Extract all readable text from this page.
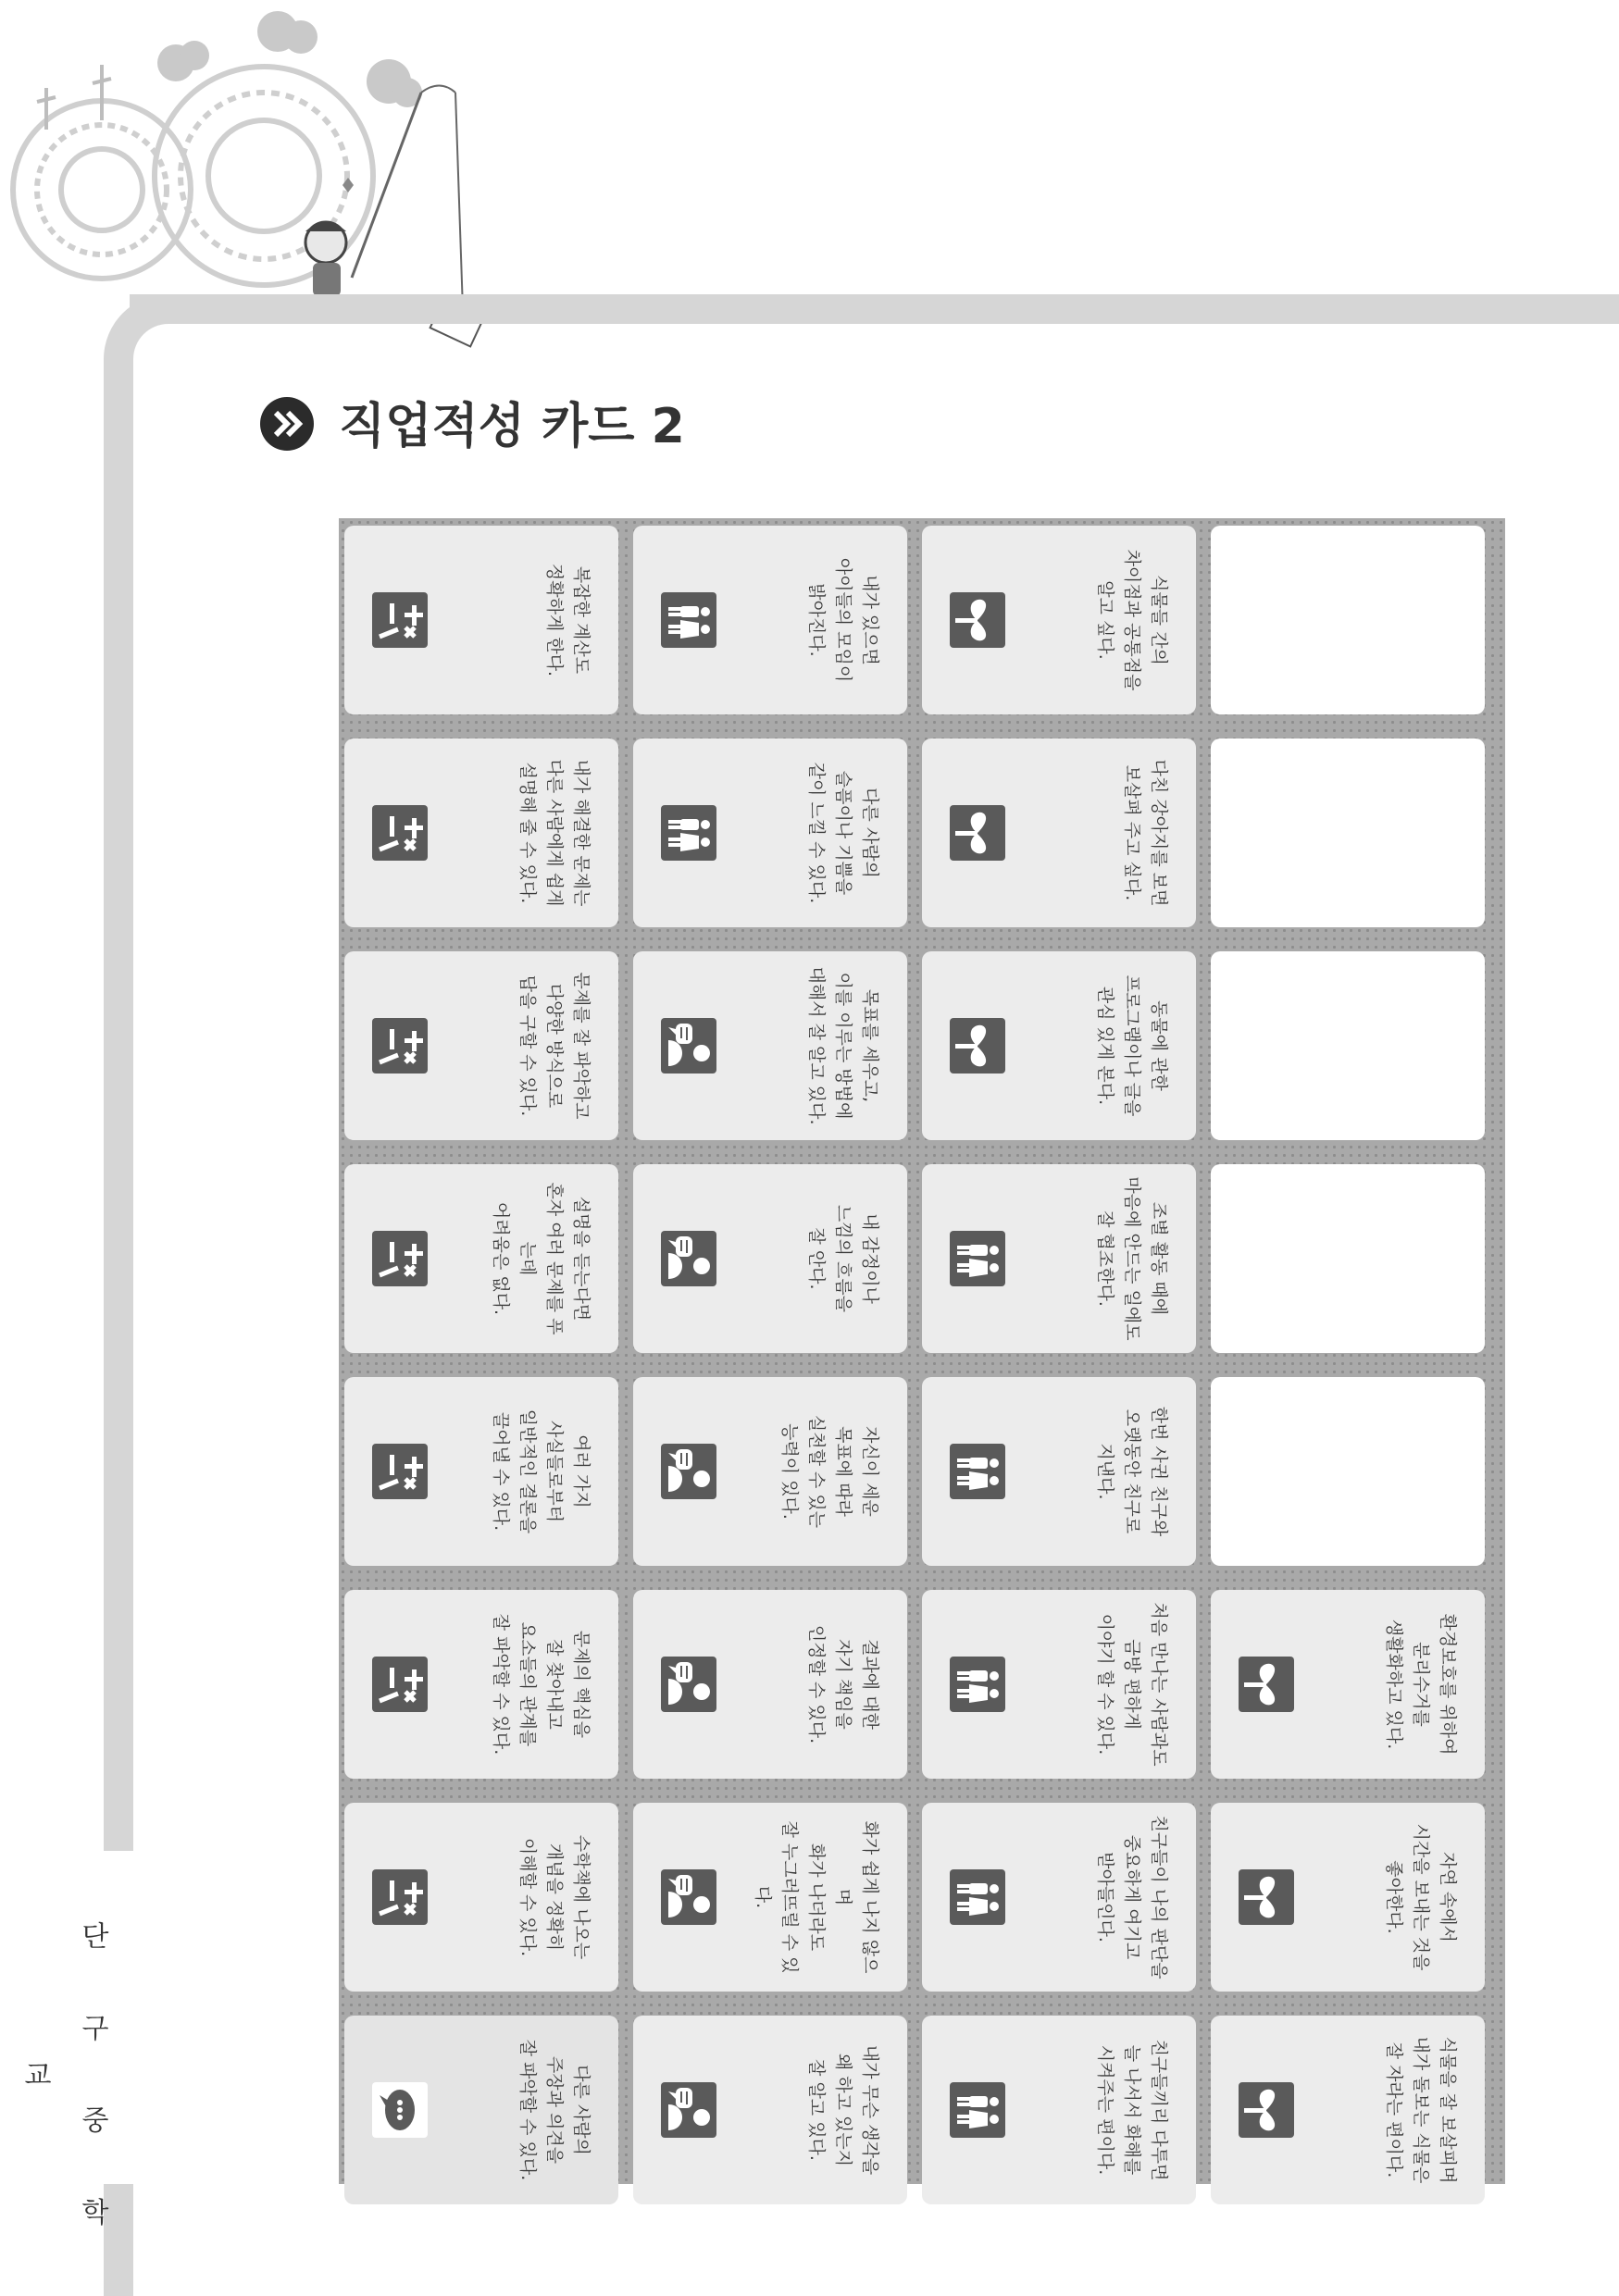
단 구 중 학 교
직업적성 카드 2
다른 사람의
주장과 의견을
잘 파악할 수 있다.
수학책에 나오는
개념을 정확히
이해할 수 있다.
문제의 핵심을
잘 찾아내고
요소들의 관계를
잘 파악할 수 있다.
여러 가지
사실들로부터
일반적인 결론을
끌어낼 수 있다.
설명을 듣는다면
혼자 여러 문제를 푸는데
어려움은 없다.
문제를 잘 파악하고
다양한 방식으로
답을 구할 수 있다.
내가 해결한 문제는
다른 사람에게 쉽게
설명해 줄 수 있다.
복잡한 계산도
정확하게 한다.
내가 무슨 생각을
왜 하고 있는지
잘 알고 있다.
화가 쉽게 나지 않으며
화가 나더라도
잘 누그러뜨릴 수 있다.
결과에 대한
자기 책임을
인정할 수 있다.
자신이 세운
목표에 따라
실천할 수 있는
능력이 있다.
내 감정이나
느낌의 흐름을
잘 안다.
목표를 세우고,
이를 이루는 방법에
대해서 잘 알고 있다.
다른 사람의
슬픔이나 기쁨을
같이 느낄 수 있다.
내가 있으면
아이들의 모임이
밝아진다.
친구들끼리 다투면
늘 나서서 화해를
시켜주는 편이다.
친구들이 나의 판단을
중요하게 여기고
받아들인다.
처음 만나는 사람과도
금방 편하게
이야기 할 수 있다.
한번 사귄 친구와
오랫동안 친구로
지낸다.
조별 활동 때에
마음에 안드는 일에도
잘 협조한다.
동물에 관한
프로그램이나 글을
관심 있게 본다.
다친 강아지를 보면
보살펴 주고 싶다.
식물들 간의
차이점과 공통점을
알고 싶다.
식물을 잘 보살피며
내가 돌보는 식물은
잘 자라는 편이다.
자연 속에서
시간을 보내는 것을
좋아한다.
환경보호를 위하여
분리수거를
생활화하고 있다.
